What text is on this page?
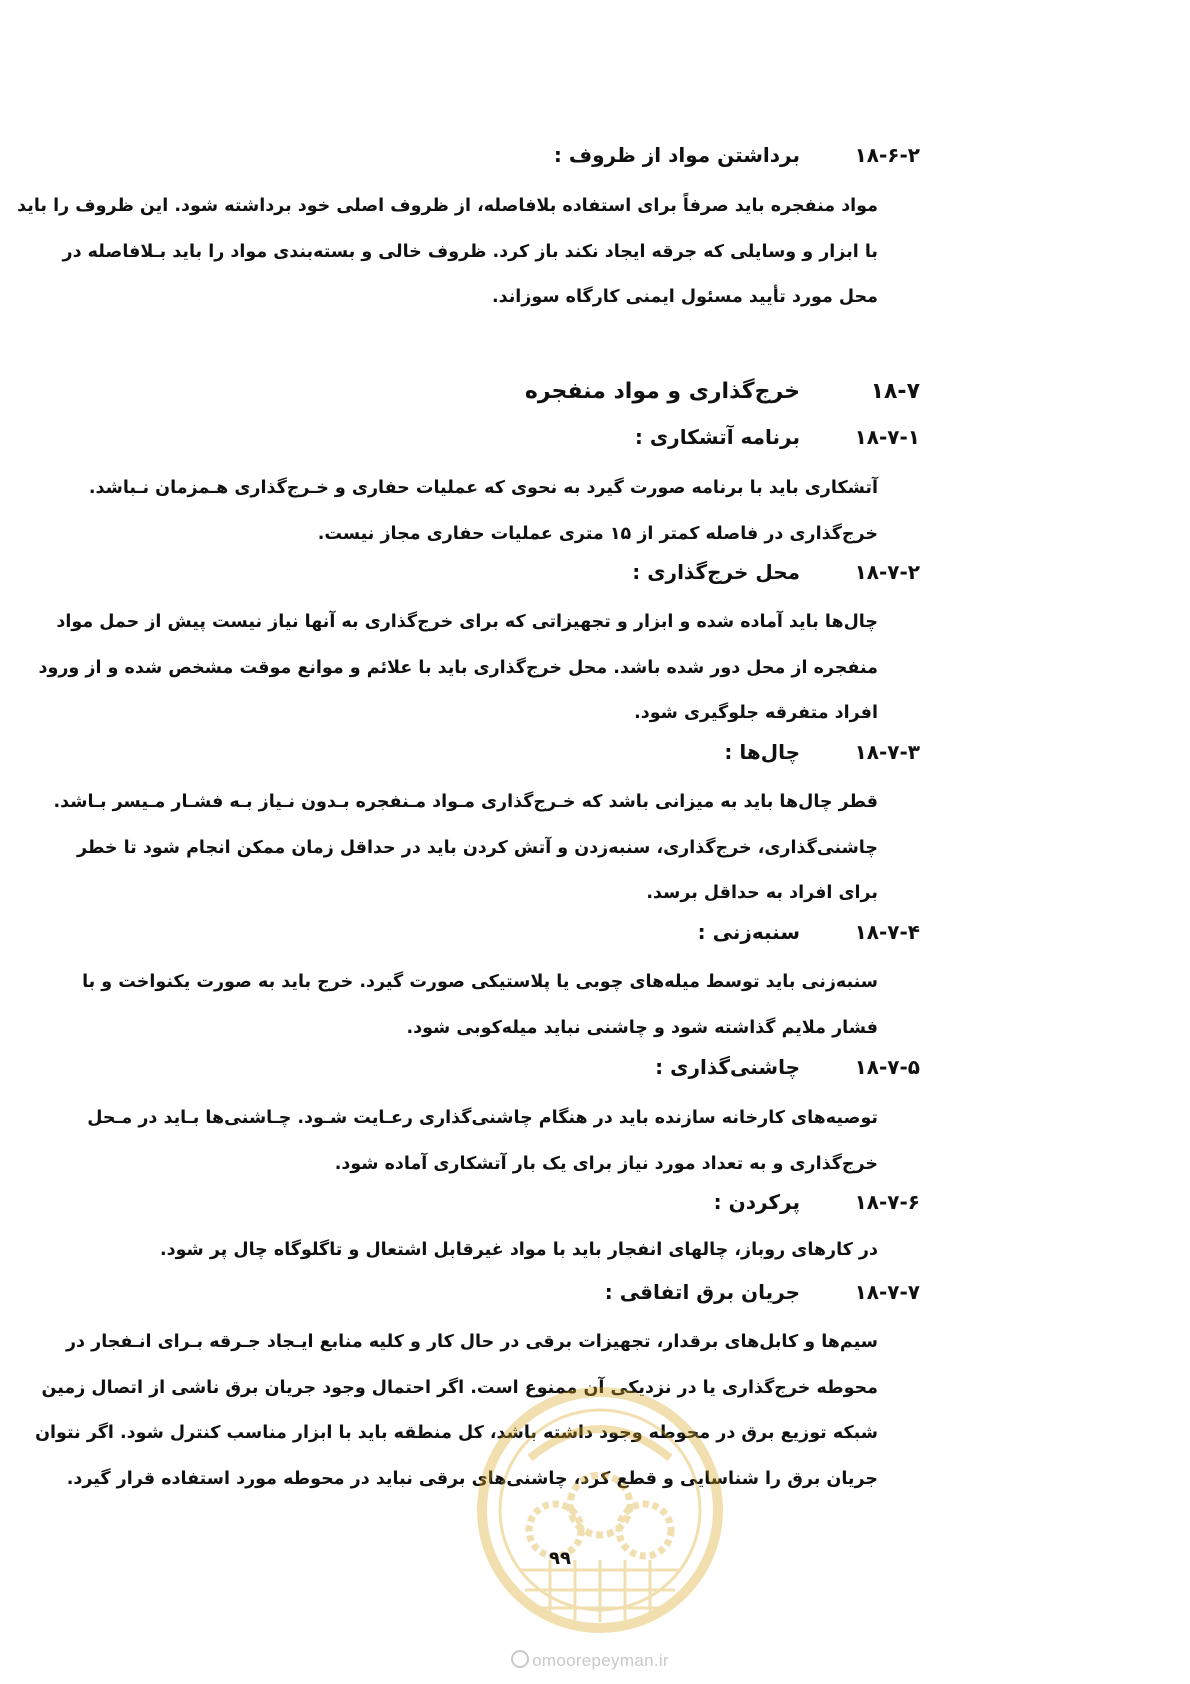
۱۸-۶-۲
برداشتن مواد از ظروف :
مواد منفجره باید صرفاً برای استفاده بلافاصله، از ظروف اصلی خود برداشته شود. این ظروف را باید
با ابزار و وسایلی که جرقه ایجاد نکند باز کرد. ظروف خالی و بسته‌بندی مواد را باید بـلافاصله در
محل مورد تأیید مسئول ایمنی کارگاه سوزاند.
۱۸-۷
خرج‌گذاری و مواد منفجره
۱۸-۷-۱
برنامه آتشکاری :
آتشکاری باید با برنامه صورت گیرد به نحوی که عملیات حفاری و خـرج‌گذاری هـمزمان نـباشد.
خرج‌گذاری در فاصله کمتر از ۱۵ متری عملیات حفاری مجاز نیست.
۱۸-۷-۲
محل خرج‌گذاری :
چال‌ها باید آماده شده و ابزار و تجهیزاتی که برای خرج‌گذاری به آنها نیاز نیست پیش از حمل مواد
منفجره از محل دور شده باشد. محل خرج‌گذاری باید با علائم و موانع موقت مشخص شده و از ورود
افراد متفرقه جلوگیری شود.
۱۸-۷-۳
چال‌ها :
قطر چال‌ها باید به میزانی باشد که خـرج‌گذاری مـواد مـنفجره بـدون نـیاز بـه فشـار مـیسر بـاشد.
چاشنی‌گذاری، خرج‌گذاری، سنبه‌زدن و آتش کردن باید در حداقل زمان ممکن انجام شود تا خطر
برای افراد به حداقل برسد.
۱۸-۷-۴
سنبه‌زنی :
سنبه‌زنی باید توسط میله‌های چوبی یا پلاستیکی صورت گیرد. خرج باید به صورت یکنواخت و با
فشار ملایم گذاشته شود و چاشنی نباید میله‌کوبی شود.
۱۸-۷-۵
چاشنی‌گذاری :
توصیه‌های کارخانه سازنده باید در هنگام چاشنی‌گذاری رعـایت شـود. چـاشنی‌ها بـاید در مـحل
خرج‌گذاری و به تعداد مورد نیاز برای یک بار آتشکاری آماده شود.
۱۸-۷-۶
پرکردن :
در کارهای روباز، چالهای انفجار باید با مواد غیرقابل اشتعال و تاگلوگاه چال پر شود.
۱۸-۷-۷
جریان برق اتفاقی :
سیم‌ها و کابل‌های برقدار، تجهیزات برقی در حال کار و کلیه منابع ایـجاد جـرقه بـرای انـفجار در
محوطه خرج‌گذاری یا در نزدیکی آن ممنوع است. اگر احتمال وجود جریان برق ناشی از اتصال زمین
شبکه توزیع برق در محوطه وجود داشته باشد، کل منطقه باید با ابزار مناسب کنترل شود. اگر نتوان
جریان برق را شناسایی و قطع کرد، چاشنی‌های برقی نباید در محوطه مورد استفاده قرار گیرد.
۹۹
omoorepeyman.ir
